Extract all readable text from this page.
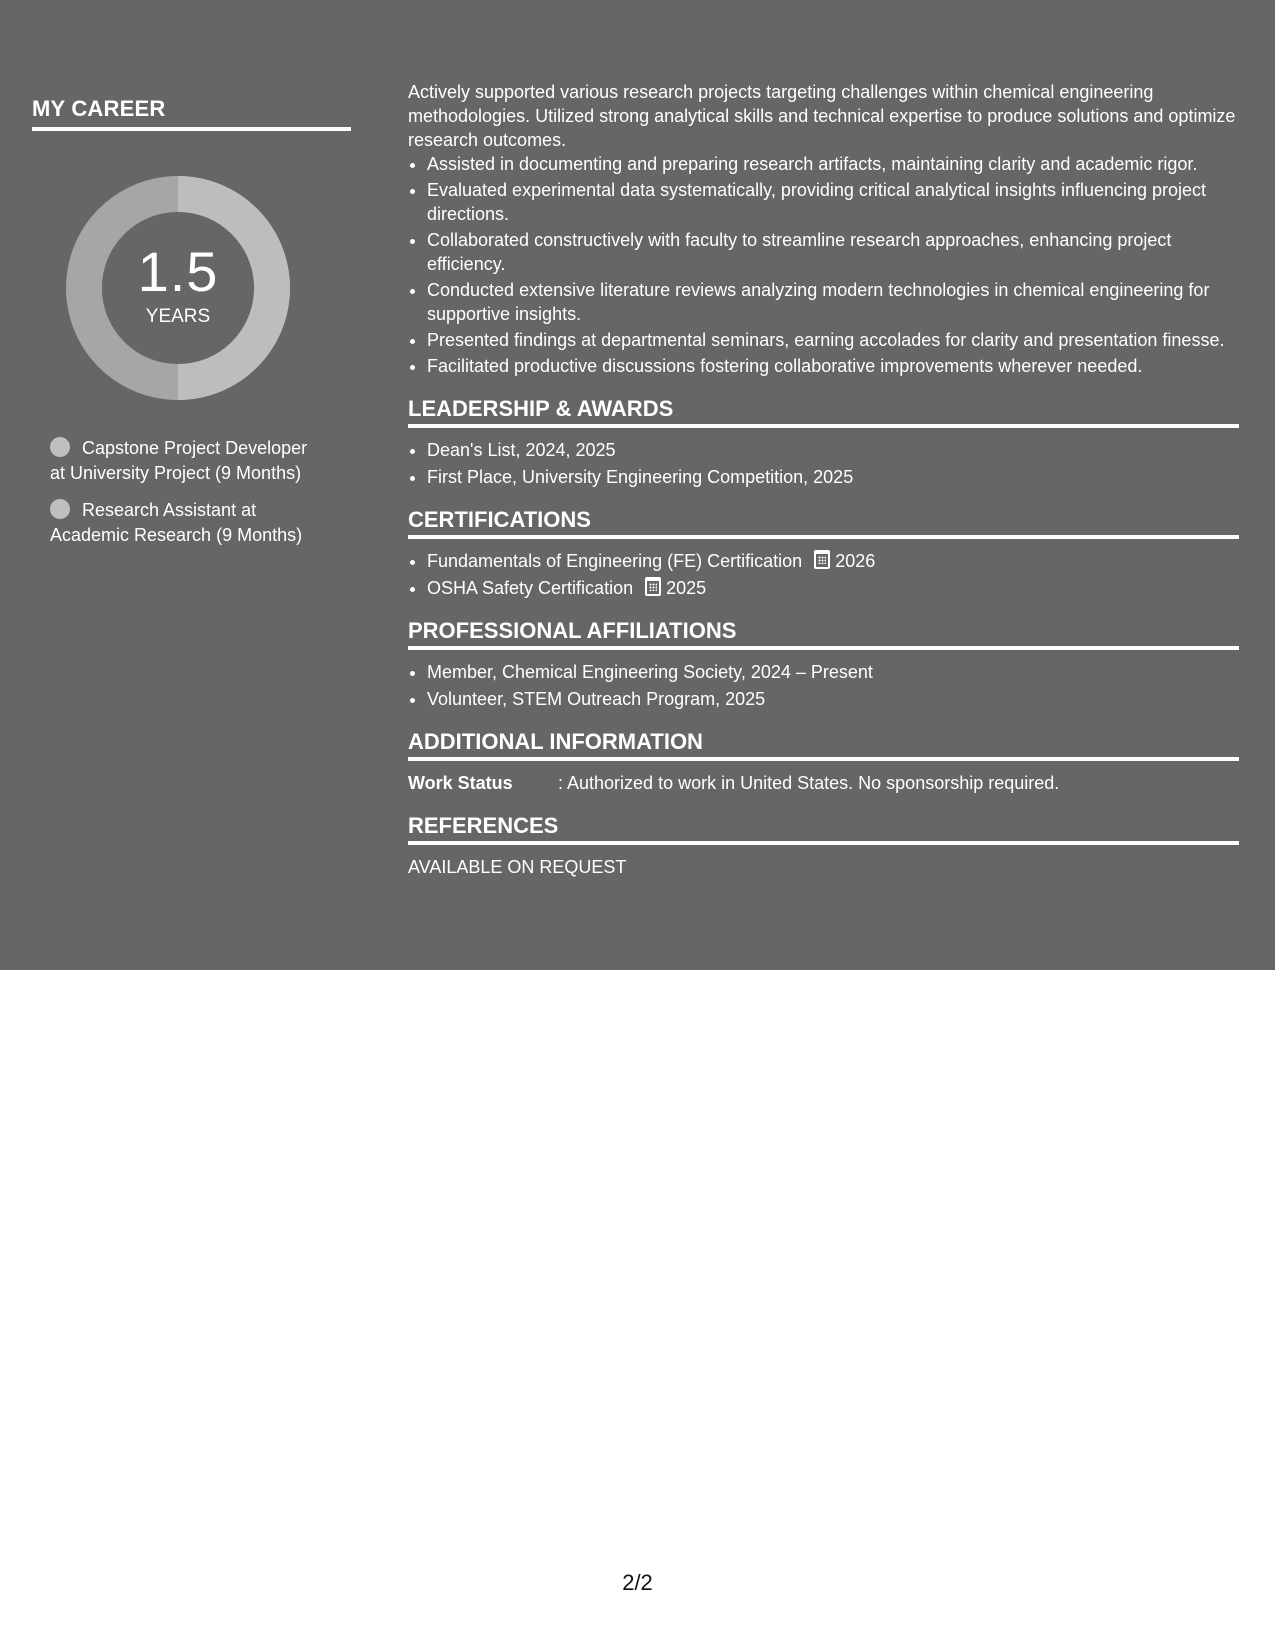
MY CAREER
1.5
YEARS
Capstone Project Developer
at University Project (9 Months)
Research Assistant at
Academic Research (9 Months)

Actively supported various research projects targeting challenges within chemical engineering methodologies. Utilized strong analytical skills and technical expertise to produce solutions and optimize research outcomes.

• Assisted in documenting and preparing research artifacts, maintaining clarity and academic rigor.
• Evaluated experimental data systematically, providing critical analytical insights influencing project directions.
• Collaborated constructively with faculty to streamline research approaches, enhancing project efficiency.
• Conducted extensive literature reviews analyzing modern technologies in chemical engineering for supportive insights.
• Presented findings at departmental seminars, earning accolades for clarity and presentation finesse.
• Facilitated productive discussions fostering collaborative improvements wherever needed.
LEADERSHIP & AWARDS
• Dean's List, 2024, 2025
• First Place, University Engineering Competition, 2025
CERTIFICATIONS
• Fundamentals of Engineering (FE) Certification 2026
• OSHA Safety Certification 2025
PROFESSIONAL AFFILIATIONS
• Member, Chemical Engineering Society, 2024 – Present
• Volunteer, STEM Outreach Program, 2025
ADDITIONAL INFORMATION
Work Status	: Authorized to work in United States. No sponsorship required.
REFERENCES
AVAILABLE ON REQUEST
2/2
